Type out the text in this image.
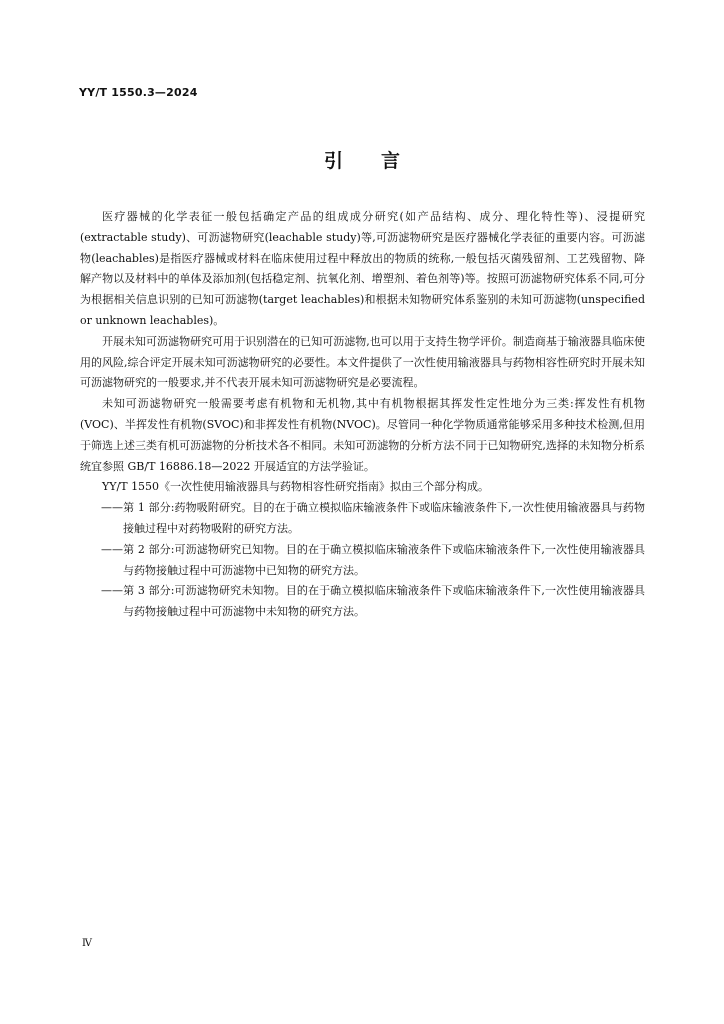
YY/T 1550.3—2024

引 言

医疗器械的化学表征一般包括确定产品的组成成分研究(如产品结构、成分、理化特性等)、浸提研究(extractable study)、可沥滤物研究(leachable study)等,可沥滤物研究是医疗器械化学表征的重要内容。可沥滤物(leachables)是指医疗器械或材料在临床使用过程中释放出的物质的统称,一般包括灭菌残留剂、工艺残留物、降解产物以及材料中的单体及添加剂(包括稳定剂、抗氧化剂、增塑剂、着色剂等)等。按照可沥滤物研究体系不同,可分为根据相关信息识别的已知可沥滤物(target leachables)和根据未知物研究体系鉴别的未知可沥滤物(unspecified or unknown leachables)。

开展未知可沥滤物研究可用于识别潜在的已知可沥滤物,也可以用于支持生物学评价。制造商基于输液器具临床使用的风险,综合评定开展未知可沥滤物研究的必要性。本文件提供了一次性使用输液器具与药物相容性研究时开展未知可沥滤物研究的一般要求,并不代表开展未知可沥滤物研究是必要流程。

未知可沥滤物研究一般需要考虑有机物和无机物,其中有机物根据其挥发性定性地分为三类:挥发性有机物(VOC)、半挥发性有机物(SVOC)和非挥发性有机物(NVOC)。尽管同一种化学物质通常能够采用多种技术检测,但用于筛选上述三类有机可沥滤物的分析技术各不相同。未知可沥滤物的分析方法不同于已知物研究,选择的未知物分析系统宜参照 GB/T 16886.18—2022 开展适宜的方法学验证。

YY/T 1550《一次性使用输液器具与药物相容性研究指南》拟由三个部分构成。

——第 1 部分:药物吸附研究。目的在于确立模拟临床输液条件下或临床输液条件下,一次性使用输液器具与药物接触过程中对药物吸附的研究方法。

——第 2 部分:可沥滤物研究已知物。目的在于确立模拟临床输液条件下或临床输液条件下,一次性使用输液器具与药物接触过程中可沥滤物中已知物的研究方法。

——第 3 部分:可沥滤物研究未知物。目的在于确立模拟临床输液条件下或临床输液条件下,一次性使用输液器具与药物接触过程中可沥滤物中未知物的研究方法。

Ⅳ
